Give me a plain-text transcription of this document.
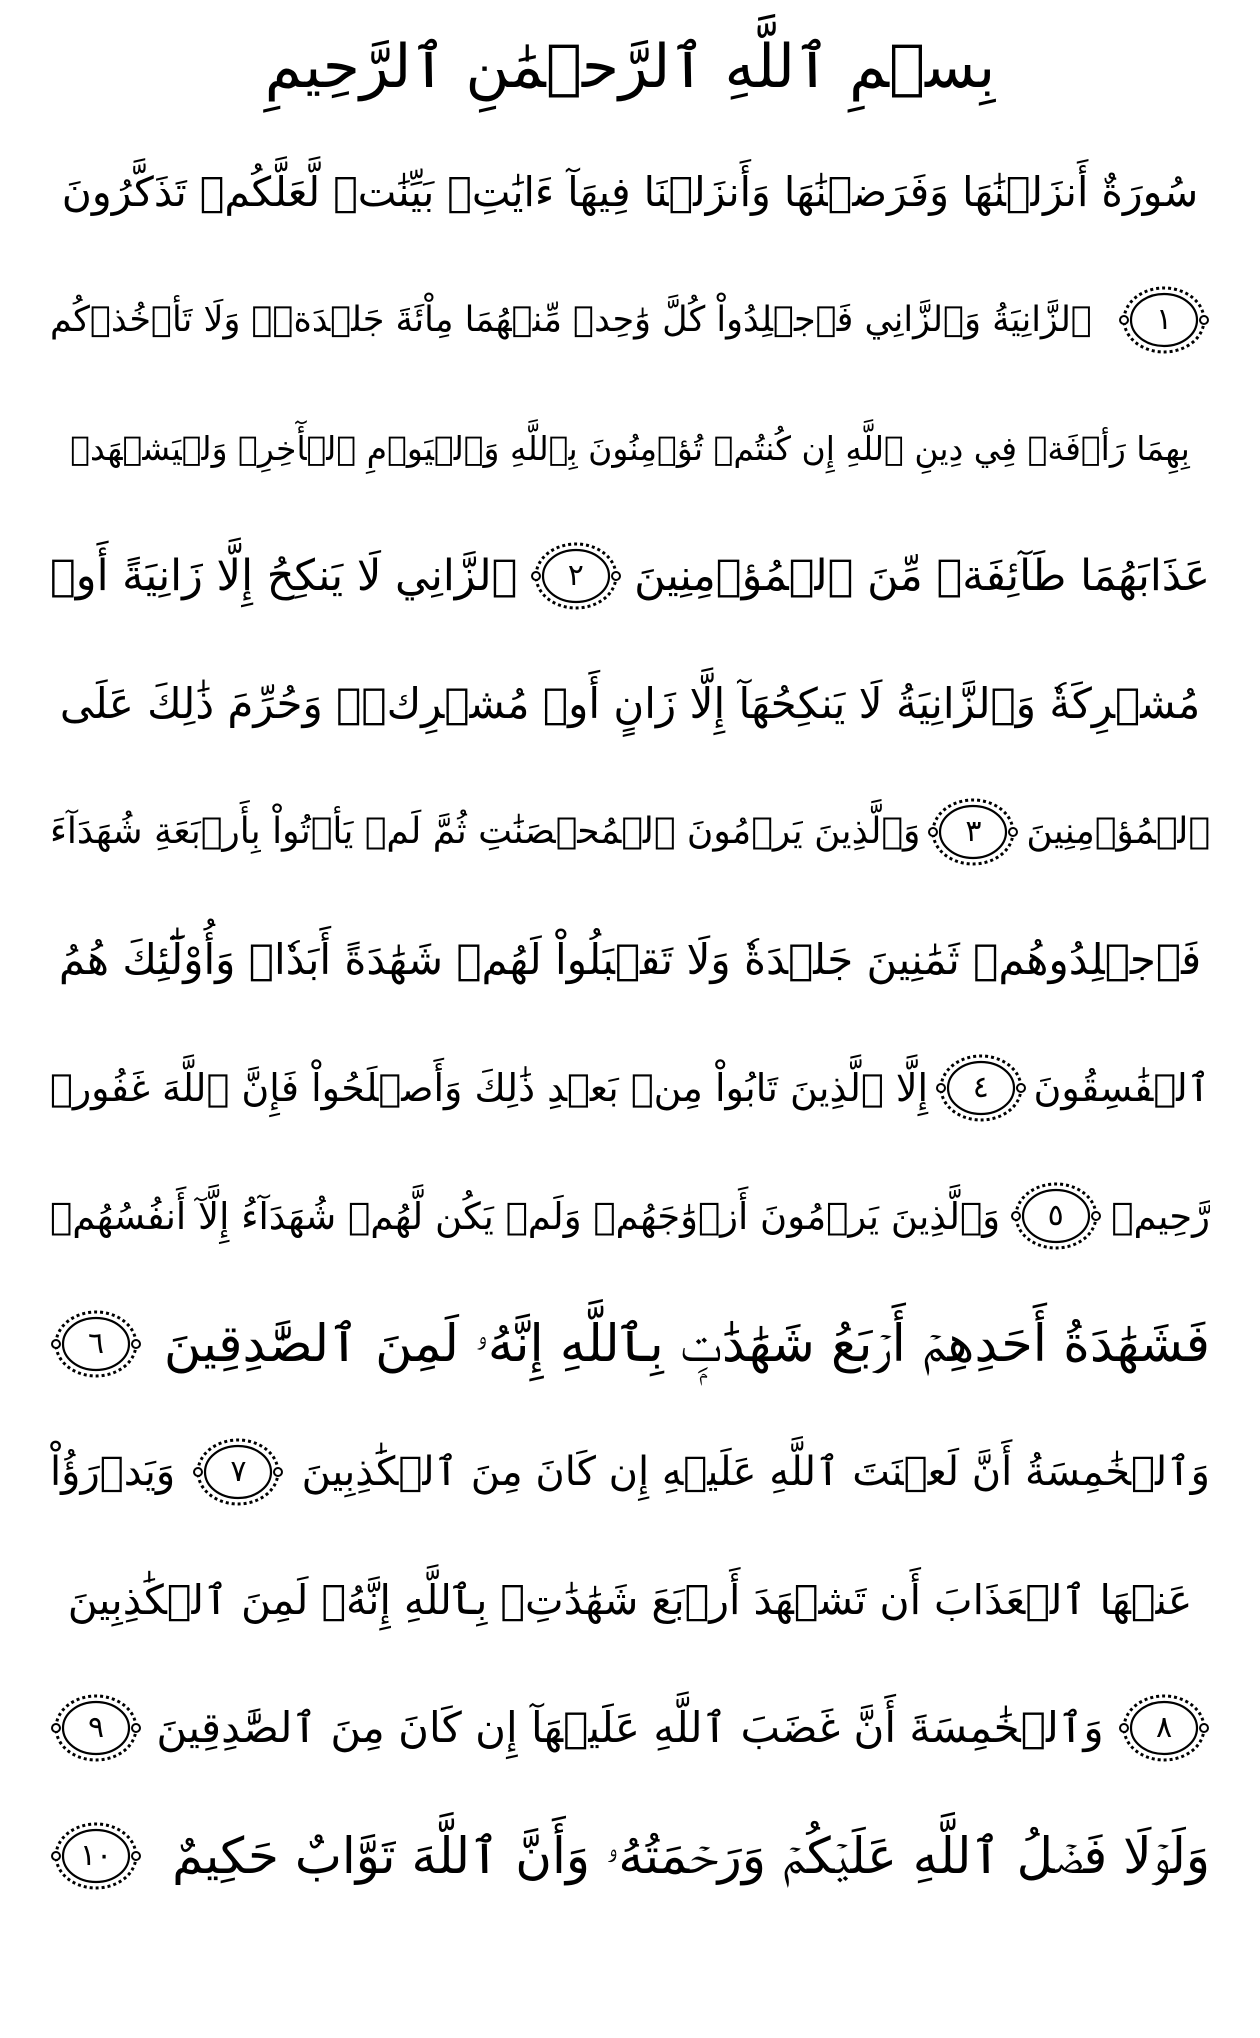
بِسۡمِ ٱللَّهِ ٱلرَّحۡمَٰنِ ٱلرَّحِيمِ
سُورَةٌ أَنزَلۡنَٰهَا وَفَرَضۡنَٰهَا وَأَنزَلۡنَا فِيهَآ ءَايَٰتِۭ بَيِّنَٰتٖ لَّعَلَّكُمۡ تَذَكَّرُونَ
١
ٱلزَّانِيَةُ وَٱلزَّانِي فَٱجۡلِدُواْ كُلَّ وَٰحِدٖ مِّنۡهُمَا مِاْئَةَ جَلۡدَةٖۖ وَلَا تَأۡخُذۡكُم
بِهِمَا رَأۡفَةٞ فِي دِينِ ٱللَّهِ إِن كُنتُمۡ تُؤۡمِنُونَ بِٱللَّهِ وَٱلۡيَوۡمِ ٱلۡأٓخِرِۖ وَلۡيَشۡهَدۡ
عَذَابَهُمَا طَآئِفَةٞ مِّنَ ٱلۡمُؤۡمِنِينَ
٢
ٱلزَّانِي لَا يَنكِحُ إِلَّا زَانِيَةً أَوۡ
مُشۡرِكَةٗ وَٱلزَّانِيَةُ لَا يَنكِحُهَآ إِلَّا زَانٍ أَوۡ مُشۡرِكٞۚ وَحُرِّمَ ذَٰلِكَ عَلَى
ٱلۡمُؤۡمِنِينَ
٣
وَٱلَّذِينَ يَرۡمُونَ ٱلۡمُحۡصَنَٰتِ ثُمَّ لَمۡ يَأۡتُواْ بِأَرۡبَعَةِ شُهَدَآءَ
فَٱجۡلِدُوهُمۡ ثَمَٰنِينَ جَلۡدَةٗ وَلَا تَقۡبَلُواْ لَهُمۡ شَهَٰدَةً أَبَدٗاۚ وَأُوْلَٰٓئِكَ هُمُ
ٱلۡفَٰسِقُونَ
٤
إِلَّا ٱلَّذِينَ تَابُواْ مِنۢ بَعۡدِ ذَٰلِكَ وَأَصۡلَحُواْ فَإِنَّ ٱللَّهَ غَفُورٞ
رَّحِيمٞ
٥
وَٱلَّذِينَ يَرۡمُونَ أَزۡوَٰجَهُمۡ وَلَمۡ يَكُن لَّهُمۡ شُهَدَآءُ إِلَّآ أَنفُسُهُمۡ
فَشَهَٰدَةُ أَحَدِهِمۡ أَرۡبَعُ شَهَٰدَٰتِۭ بِٱللَّهِ إِنَّهُۥ لَمِنَ ٱلصَّٰدِقِينَ
٦
وَٱلۡخَٰمِسَةُ أَنَّ لَعۡنَتَ ٱللَّهِ عَلَيۡهِ إِن كَانَ مِنَ ٱلۡكَٰذِبِينَ
٧
وَيَدۡرَؤُاْ
عَنۡهَا ٱلۡعَذَابَ أَن تَشۡهَدَ أَرۡبَعَ شَهَٰدَٰتِۭ بِٱللَّهِ إِنَّهُۥ لَمِنَ ٱلۡكَٰذِبِينَ
٨
وَٱلۡخَٰمِسَةَ أَنَّ غَضَبَ ٱللَّهِ عَلَيۡهَآ إِن كَانَ مِنَ ٱلصَّٰدِقِينَ
٩
وَلَوۡلَا فَضۡلُ ٱللَّهِ عَلَيۡكُمۡ وَرَحۡمَتُهُۥ وَأَنَّ ٱللَّهَ تَوَّابٌ حَكِيمٌ
١٠
